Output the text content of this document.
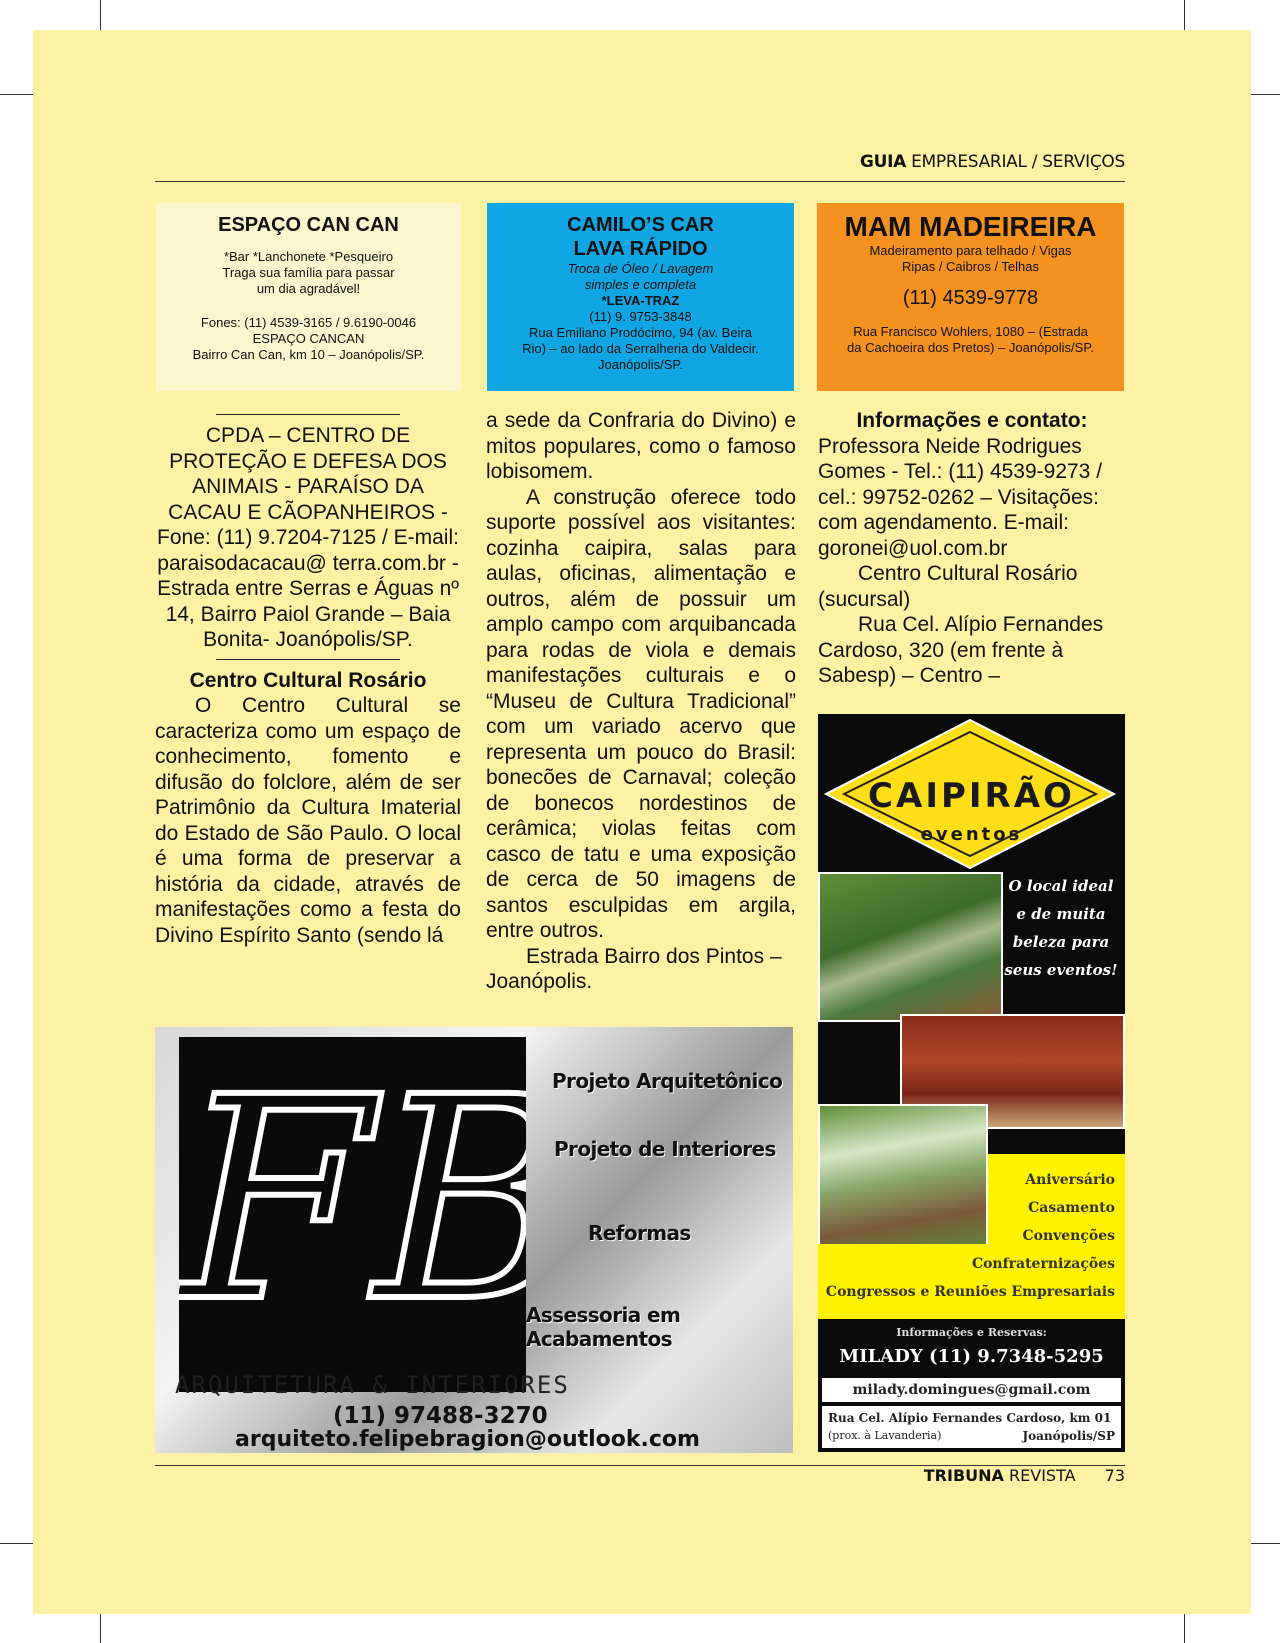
GUIA EMPRESARIAL / SERVIÇOS
ESPAÇO CAN CAN
*Bar *Lanchonete *Pesqueiro
Traga sua família para passar
um dia agradável!
Fones: (11) 4539-3165 / 9.6190-0046
ESPAÇO CANCAN
Bairro Can Can, km 10 – Joanópolis/SP.
CAMILO’S CAR
LAVA RÁPIDO
Troca de Óleo / Lavagem
simples e completa
*LEVA-TRAZ
(11) 9. 9753-3848
Rua Emiliano Prodócimo, 94 (av. Beira
Rio) – ao lado da Serralheria do Valdecir.
Joanópolis/SP.
MAM MADEIREIRA
Madeiramento para telhado / Vigas
Ripas / Caibros / Telhas
(11) 4539-9778
Rua Francisco Wohlers, 1080 – (Estrada
da Cachoeira dos Pretos) – Joanópolis/SP.
CPDA – CENTRO DE PROTEÇÃO E DEFESA DOS ANIMAIS - PARAÍSO DA CACAU E CÃOPANHEIROS - Fone: (11) 9.7204-7125 / E-mail: paraisodacacau@ terra.com.br - Estrada entre Serras e Águas nº 14, Bairro Paiol Grande – Baia Bonita- Joanópolis/SP.
Centro Cultural Rosário
O Centro Cultural se caracteriza como um espaço de conhecimento, fomento e difusão do folclore, além de ser Patrimônio da Cultura Imaterial do Estado de São Paulo. O local é uma forma de preservar a história da cidade, através de manifestações como a festa do Divino Espírito Santo (sendo lá
a sede da Confraria do Divino) e mitos populares, como o famoso lobisomem.
A construção oferece todo suporte possível aos visitantes: cozinha caipira, salas para aulas, oficinas, alimentação e outros, além de possuir um amplo campo com arquibancada para rodas de viola e demais manifestações culturais e o “Museu de Cultura Tradicional” com um variado acervo que representa um pouco do Brasil: bonecões de Carnaval; coleção de bonecos nordestinos de cerâmica; violas feitas com casco de tatu e uma exposição de cerca de 50 imagens de santos esculpidas em argila, entre outros.
Estrada Bairro dos Pintos – Joanópolis.
Informações e contato:
Professora Neide Rodrigues Gomes - Tel.: (11) 4539-9273 / cel.: 99752-0262 – Visitações: com agendamento. E-mail: goronei@uol.com.br
Centro Cultural Rosário (sucursal)
Rua Cel. Alípio Fernandes Cardoso, 320 (em frente à Sabesp) – Centro –
F	Projeto Arquitetônico
Projeto de Interiores
Reformas
Assessoria em Acabamentos
ARQUITETURA & INTERIORES
(11) 97488-3270
arquiteto.felipebragion@outlook.com
CAIPIRÃO
eventos
O local ideal
e de muita
beleza para
seus eventos!
Aniversário
Casamento
Convenções
Confraternizações
Congressos e Reuniões Empresariais
Informações e Reservas:
MILADY (11) 9.7348-5295
milady.domingues@gmail.com
Rua Cel. Alípio Fernandes Cardoso, km 01
(prox. à Lavanderia)	Joanópolis/SP
TRIBUNA REVISTA 73
